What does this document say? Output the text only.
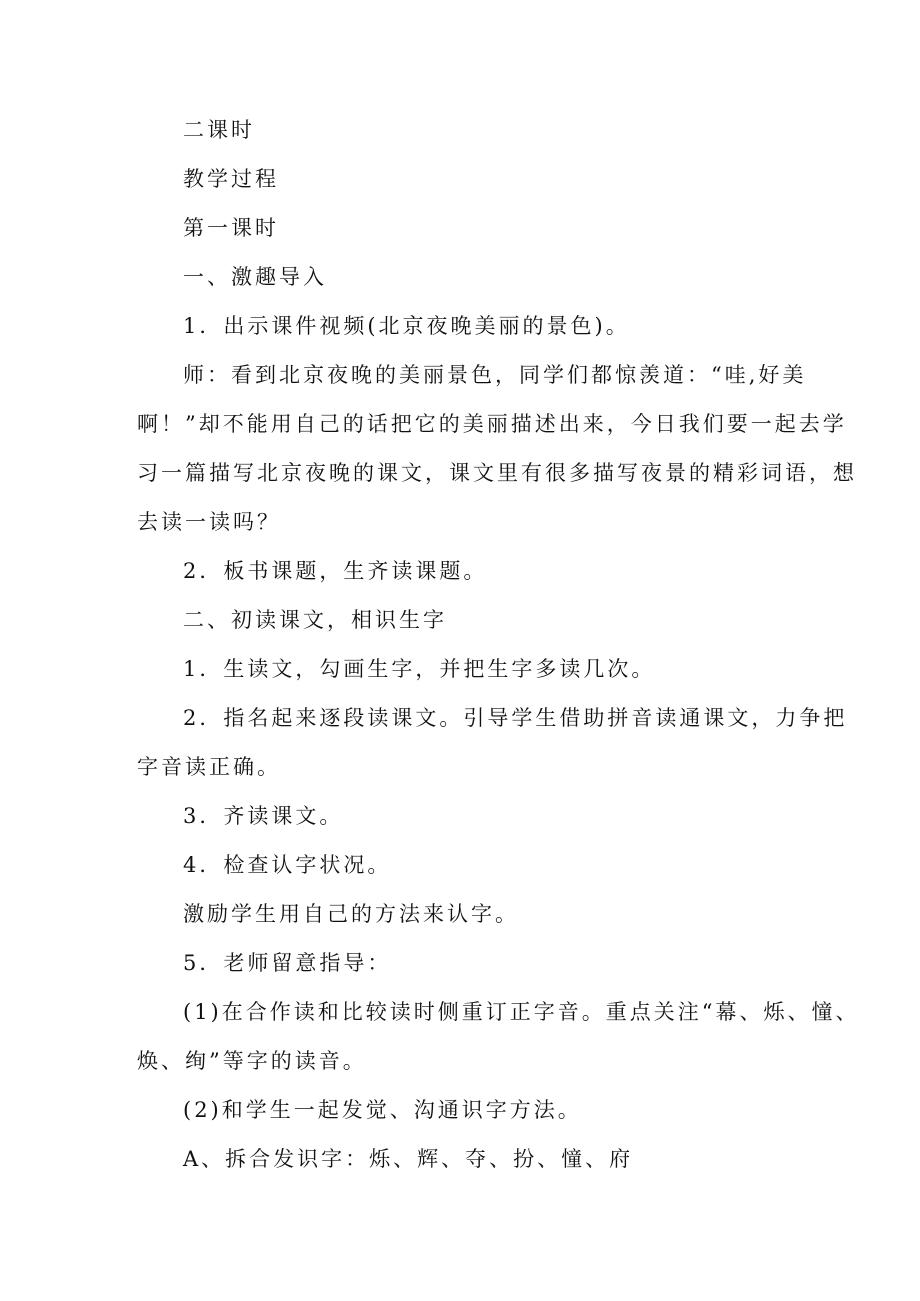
二课时
教学过程
第一课时
一、激趣导入
1．出示课件视频(北京夜晚美丽的景色)。
师：看到北京夜晚的美丽景色，同学们都惊羡道：“哇,好美
啊！”却不能用自己的话把它的美丽描述出来，今日我们要一起去学
习一篇描写北京夜晚的课文，课文里有很多描写夜景的精彩词语，想
去读一读吗？
2．板书课题，生齐读课题。
二、初读课文，相识生字
1．生读文，勾画生字，并把生字多读几次。
2．指名起来逐段读课文。引导学生借助拼音读通课文，力争把
字音读正确。
3．齐读课文。
4．检查认字状况。
激励学生用自己的方法来认字。
5．老师留意指导：
(1)在合作读和比较读时侧重订正字音。重点关注“幕、烁、憧、
焕、绚”等字的读音。
(2)和学生一起发觉、沟通识字方法。
A、拆合发识字：烁、辉、夺、扮、憧、府
